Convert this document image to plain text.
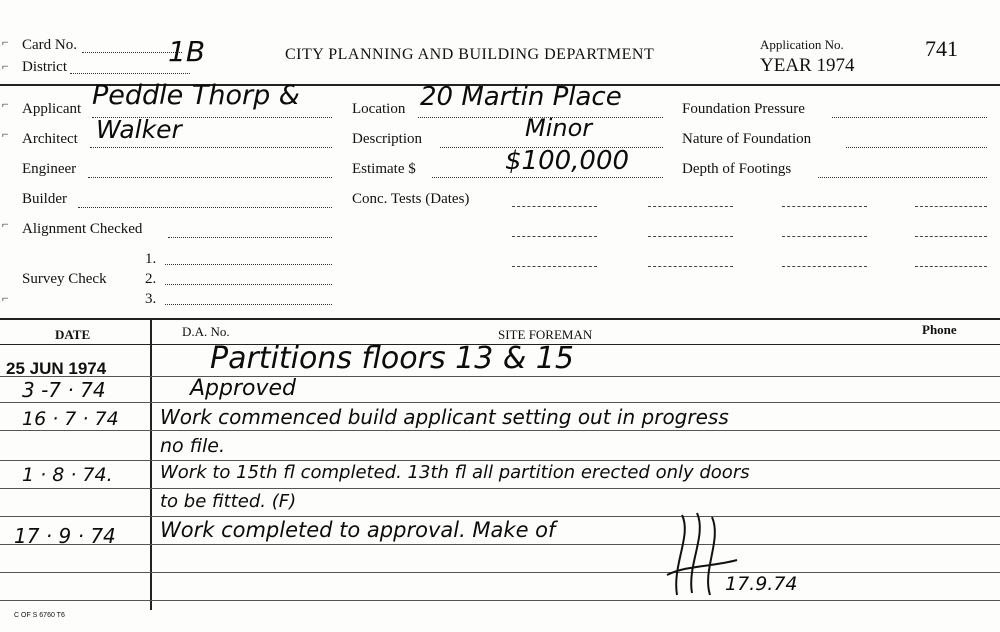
⌐
⌐
Card No.
District	1B	CITY PLANNING AND BUILDING DEPARTMENT
Application No.
YEAR 1974
741
Applicant Peddle Thorp &
Architect Walker
Engineer
Builder
Alignment Checked
Survey Check
1.
2.
3.
Location 20 Martin Place
Description	Minor
Estimate $	$100,000
Conc. Tests (Dates)
Foundation Pressure
Nature of Foundation
Depth of Footings
⌐
⌐
⌐
⌐
DATE	D.A. No.	SITE FOREMAN	Phone
25 JUN 1974	Partitions floors 13 & 15
3 -7 · 74	Approved
16 · 7 · 74 Work commenced build applicant setting out in progress
no file.
1 · 8 · 74.	Work to 15th fl completed. 13th fl all partition erected only doors
to be fitted. (F)
17 · 9 · 74 Work completed to approval. Make of
17.9.74
C OF S 6760 T6
